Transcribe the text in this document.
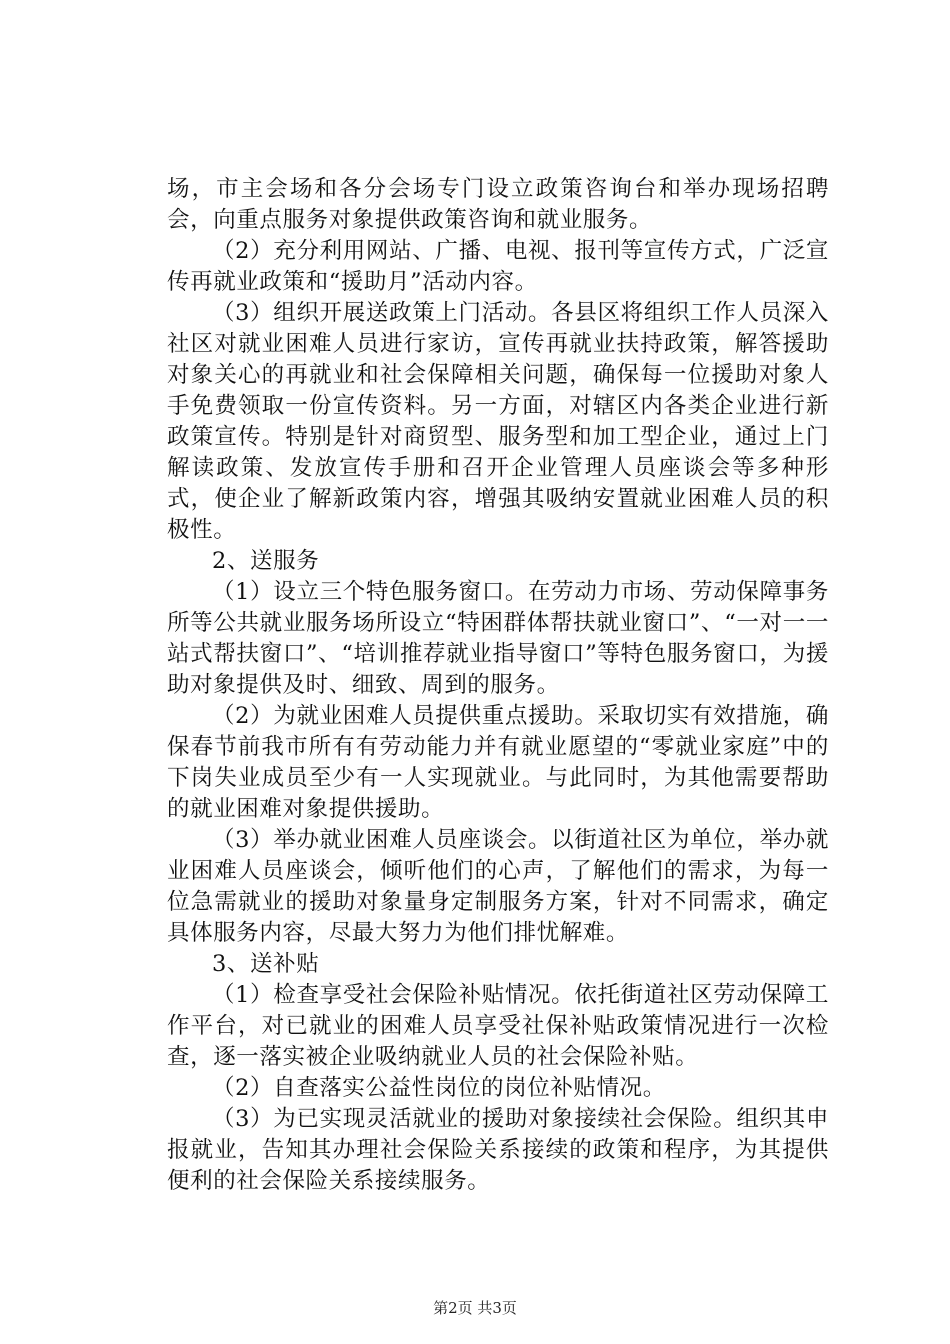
场，市主会场和各分会场专门设立政策咨询台和举办现场招聘会，向重点服务对象提供政策咨询和就业服务。

（2）充分利用网站、广播、电视、报刊等宣传方式，广泛宣传再就业政策和“援助月”活动内容。

（3）组织开展送政策上门活动。各县区将组织工作人员深入社区对就业困难人员进行家访，宣传再就业扶持政策，解答援助对象关心的再就业和社会保障相关问题，确保每一位援助对象人手免费领取一份宣传资料。另一方面，对辖区内各类企业进行新政策宣传。特别是针对商贸型、服务型和加工型企业，通过上门解读政策、发放宣传手册和召开企业管理人员座谈会等多种形式，使企业了解新政策内容，增强其吸纳安置就业困难人员的积极性。

2、送服务

（1）设立三个特色服务窗口。在劳动力市场、劳动保障事务所等公共就业服务场所设立“特困群体帮扶就业窗口”、“一对一一站式帮扶窗口”、“培训推荐就业指导窗口”等特色服务窗口，为援助对象提供及时、细致、周到的服务。

（2）为就业困难人员提供重点援助。采取切实有效措施，确保春节前我市所有有劳动能力并有就业愿望的“零就业家庭”中的下岗失业成员至少有一人实现就业。与此同时，为其他需要帮助的就业困难对象提供援助。

（3）举办就业困难人员座谈会。以街道社区为单位，举办就业困难人员座谈会，倾听他们的心声，了解他们的需求，为每一位急需就业的援助对象量身定制服务方案，针对不同需求，确定具体服务内容，尽最大努力为他们排忧解难。

3、送补贴

（1）检查享受社会保险补贴情况。依托街道社区劳动保障工作平台，对已就业的困难人员享受社保补贴政策情况进行一次检查，逐一落实被企业吸纳就业人员的社会保险补贴。

（2）自查落实公益性岗位的岗位补贴情况。

（3）为已实现灵活就业的援助对象接续社会保险。组织其申报就业，告知其办理社会保险关系接续的政策和程序，为其提供便利的社会保险关系接续服务。

第2页 共3页
